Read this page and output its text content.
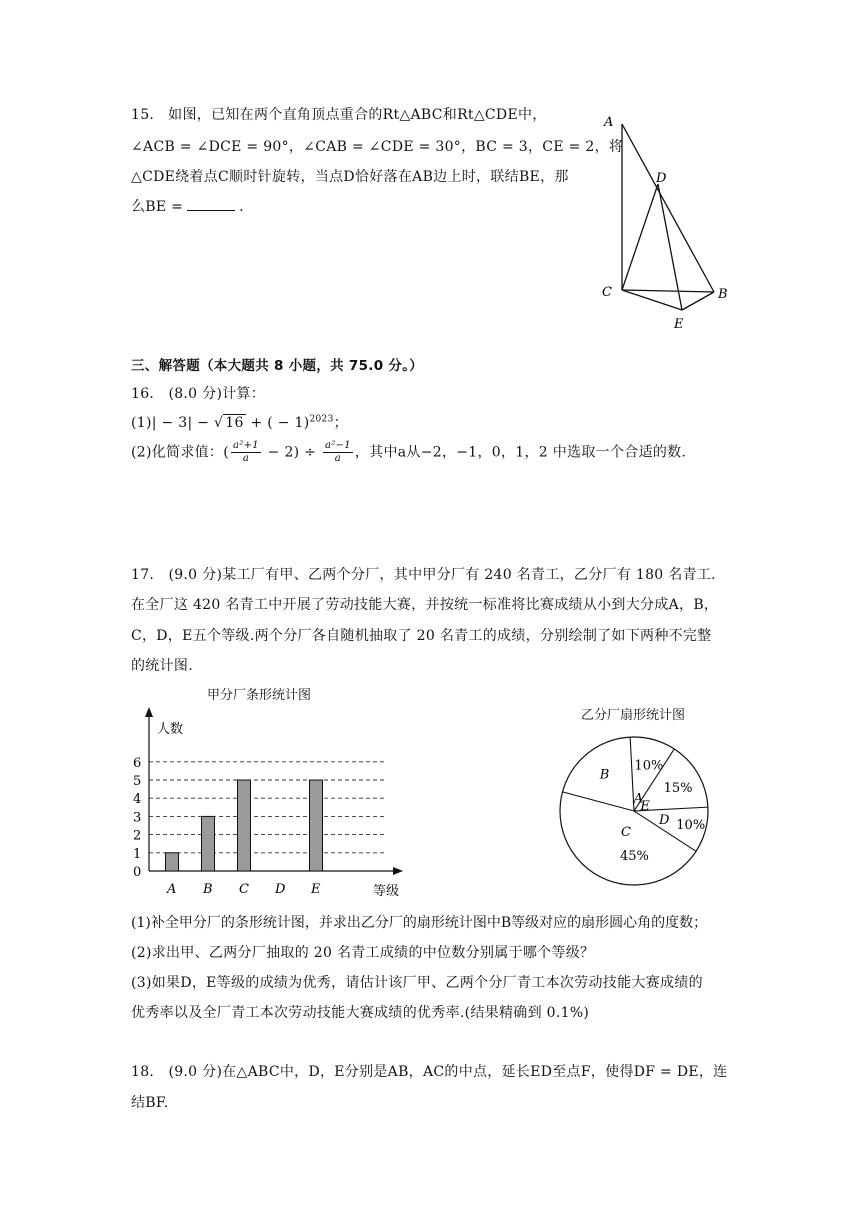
15. 如图，已知在两个直角顶点重合的Rt△ABC和Rt△CDE中，
∠ACB = ∠DCE = 90°，∠CAB = ∠CDE = 30°，BC = 3，CE = 2，将
△CDE绕着点C顺时针旋转，当点D恰好落在AB边上时，联结BE，那
么BE =	．
A
D
C	B
E
三、解答题（本大题共 8 小题，共 75.0 分。）
16.　(8.0 分)计算：
(1)| − 3| − √ 16 + ( − 1)$^{2023}$；
(2)化简求值：( $\frac{\text{a²+1}}{a} - 2) \div \frac{\text{a²−1}}{a}$ ，其中a从−2，−1，0，1，2 中选取一个合适的数.
17.　(9.0 分)某工厂有甲、乙两个分厂，其中甲分厂有 240 名青工，乙分厂有 180 名青工.
在全厂这 420 名青工中开展了劳动技能大赛，并按统一标准将比赛成绩从小到大分成A，B，
C，D，E五个等级.两个分厂各自随机抽取了 20 名青工的成绩，分别绘制了如下两种不完整
的统计图.
甲分厂条形统计图
0
1
2
3
4
5
6
人数
等级
A B C D E
乙分厂扇形统计图
A
10%
E
15%
D 10%
C
45%
B
(1)补全甲分厂的条形统计图，并求出乙分厂的扇形统计图中B等级对应的扇形圆心角的度数；
(2)求出甲、乙两分厂抽取的 20 名青工成绩的中位数分别属于哪个等级？
(3)如果D，E等级的成绩为优秀，请估计该厂甲、乙两个分厂青工本次劳动技能大赛成绩的
优秀率以及全厂青工本次劳动技能大赛成绩的优秀率.(结果精确到 0.1%)
18.　(9.0 分)在△ABC中，D，E分别是AB，AC的中点，延长ED至点F，使得DF = DE，连
结BF.
